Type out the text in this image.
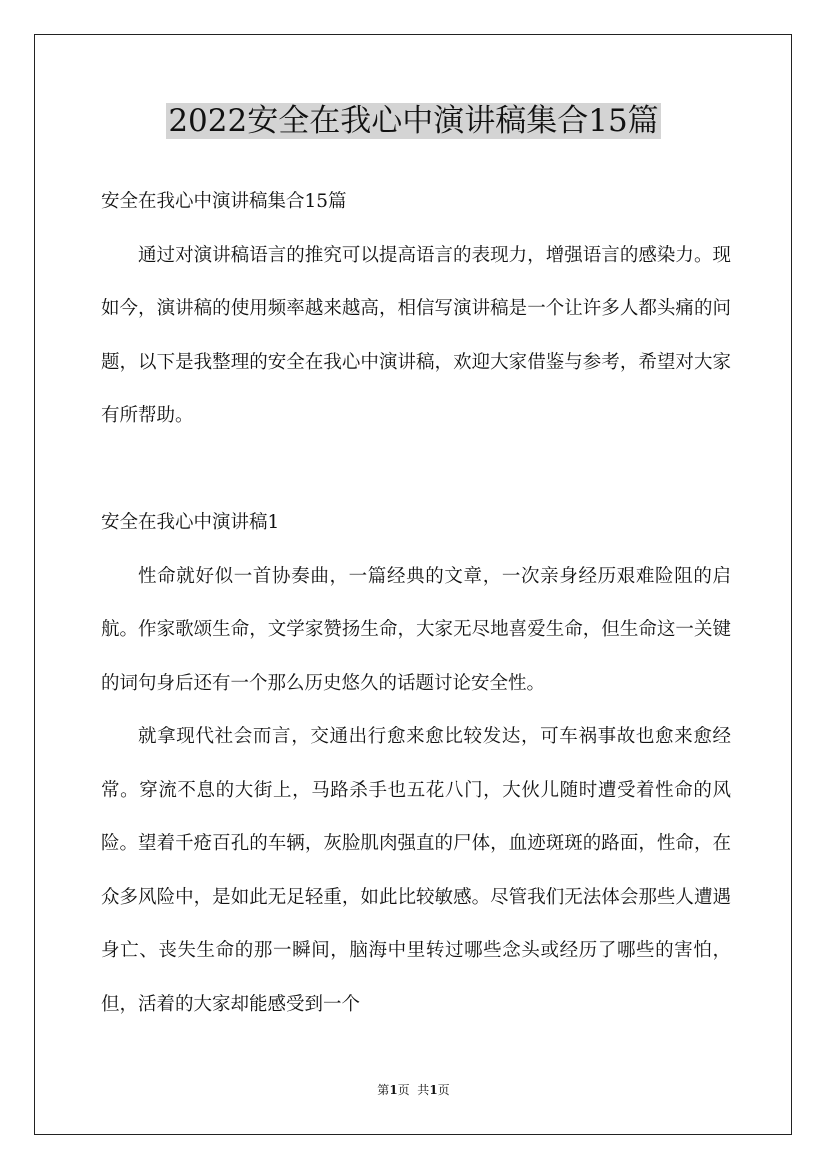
2022安全在我心中演讲稿集合15篇

安全在我心中演讲稿集合15篇

通过对演讲稿语言的推究可以提高语言的表现力，增强语言的感染力。现如今，演讲稿的使用频率越来越高，相信写演讲稿是一个让许多人都头痛的问题，以下是我整理的安全在我心中演讲稿，欢迎大家借鉴与参考，希望对大家有所帮助。

安全在我心中演讲稿1

性命就好似一首协奏曲，一篇经典的文章，一次亲身经历艰难险阻的启航。作家歌颂生命，文学家赞扬生命，大家无尽地喜爱生命，但生命这一关键的词句身后还有一个那么历史悠久的话题讨论安全性。

就拿现代社会而言，交通出行愈来愈比较发达，可车祸事故也愈来愈经常。穿流不息的大街上，马路杀手也五花八门，大伙儿随时遭受着性命的风险。望着千疮百孔的车辆，灰脸肌肉强直的尸体，血迹斑斑的路面，性命，在众多风险中，是如此无足轻重，如此比较敏感。尽管我们无法体会那些人遭遇身亡、丧失生命的那一瞬间，脑海中里转过哪些念头或经历了哪些的害怕，但，活着的大家却能感受到一个

第1页  共1页
